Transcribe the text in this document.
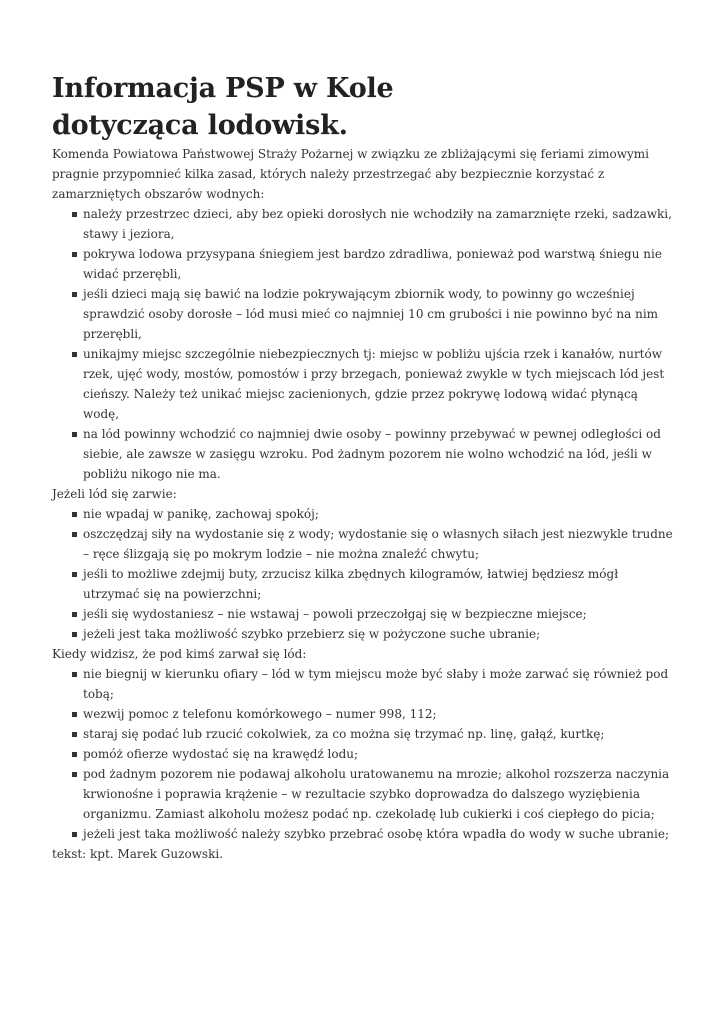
Informacja PSP w Kole dotycząca lodowisk.

Komenda Powiatowa Państwowej Straży Pożarnej w związku ze zbliżającymi się feriami zimowymi pragnie przypomnieć kilka zasad, których należy przestrzegać aby bezpiecznie korzystać z zamarzniętych obszarów wodnych:

należy przestrzec dzieci, aby bez opieki dorosłych nie wchodziły na zamarznięte rzeki, sadzawki, stawy i jeziora,
pokrywa lodowa przysypana śniegiem jest bardzo zdradliwa, ponieważ pod warstwą śniegu nie widać przerębli,
jeśli dzieci mają się bawić na lodzie pokrywającym zbiornik wody, to powinny go wcześniej sprawdzić osoby dorosłe – lód musi mieć co najmniej 10 cm grubości i nie powinno być na nim przerębli,
unikajmy miejsc szczególnie niebezpiecznych tj: miejsc w pobliżu ujścia rzek i kanałów, nurtów rzek, ujęć wody, mostów, pomostów i przy brzegach, ponieważ zwykle w tych miejscach lód jest cieńszy. Należy też unikać miejsc zacienionych, gdzie przez pokrywę lodową widać płynącą wodę,
na lód powinny wchodzić co najmniej dwie osoby – powinny przebywać w pewnej odległości od siebie, ale zawsze w zasięgu wzroku. Pod żadnym pozorem nie wolno wchodzić na lód, jeśli w pobliżu nikogo nie ma.

Jeżeli lód się zarwie:

nie wpadaj w panikę, zachowaj spokój;
oszczędzaj siły na wydostanie się z wody; wydostanie się o własnych siłach jest niezwykle trudne – ręce ślizgają się po mokrym lodzie – nie można znaleźć chwytu;
jeśli to możliwe zdejmij buty, zrzucisz kilka zbędnych kilogramów, łatwiej będziesz mógł utrzymać się na powierzchni;
jeśli się wydostaniesz – nie wstawaj – powoli przeczołgaj się w bezpieczne miejsce;
jeżeli jest taka możliwość szybko przebierz się w pożyczone suche ubranie;

Kiedy widzisz, że pod kimś zarwał się lód:

nie biegnij w kierunku ofiary – lód w tym miejscu może być słaby i może zarwać się również pod tobą;
wezwij pomoc z telefonu komórkowego – numer 998, 112;
staraj się podać lub rzucić cokolwiek, za co można się trzymać np. linę, gałąź, kurtkę;
pomóż ofierze wydostać się na krawędź lodu;
pod żadnym pozorem nie podawaj alkoholu uratowanemu na mrozie; alkohol rozszerza naczynia krwionośne i poprawia krążenie – w rezultacie szybko doprowadza do dalszego wyziębienia organizmu. Zamiast alkoholu możesz podać np. czekoladę lub cukierki i coś ciepłego do picia;
jeżeli jest taka możliwość należy szybko przebrać osobę która wpadła do wody w suche ubranie;

tekst: kpt. Marek Guzowski.
